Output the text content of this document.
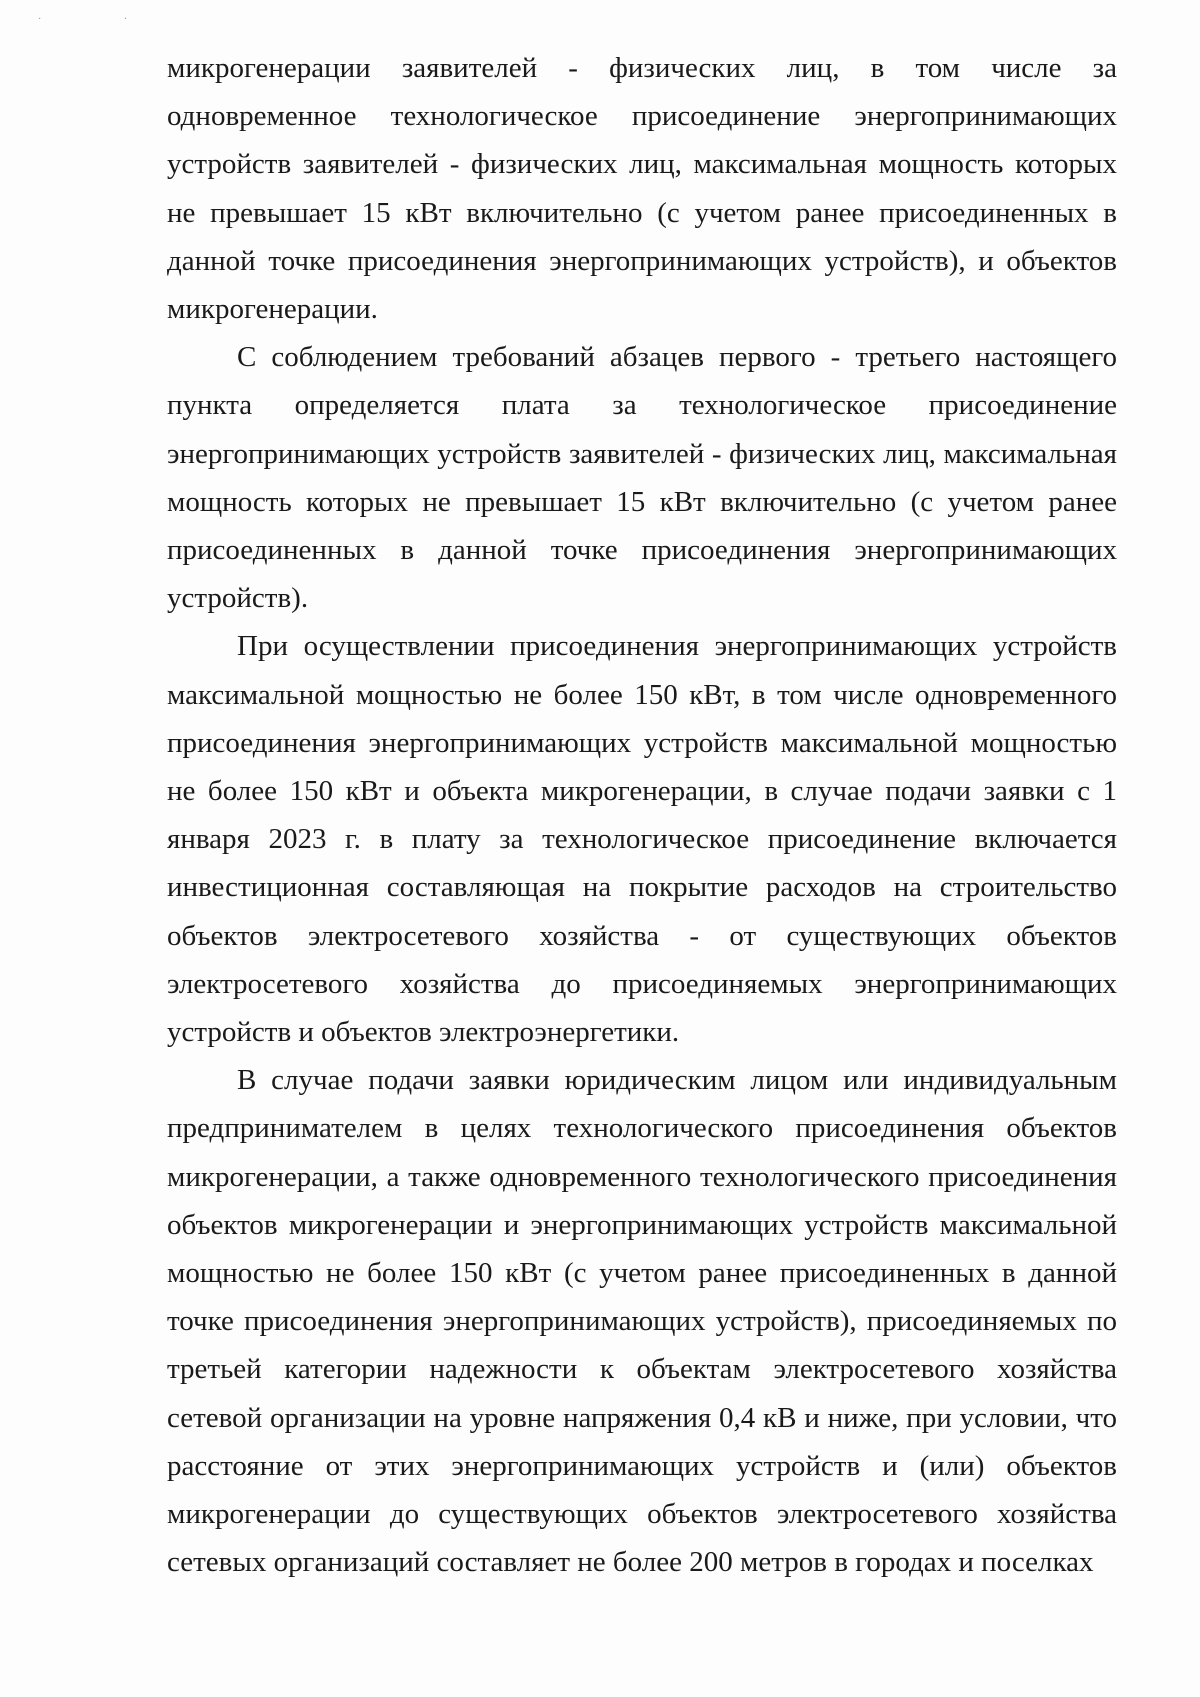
· ·

микрогенерации заявителей - физических лиц, в том числе за одновременное технологическое присоединение энергопринимающих устройств заявителей - физических лиц, максимальная мощность которых не превышает 15 кВт включительно (с учетом ранее присоединенных в данной точке присоединения энергопринимающих устройств), и объектов микрогенерации.

С соблюдением требований абзацев первого - третьего настоящего пункта определяется плата за технологическое присоединение энергопринимающих устройств заявителей - физических лиц, максимальная мощность которых не превышает 15 кВт включительно (с учетом ранее присоединенных в данной точке присоединения энергопринимающих устройств).

При осуществлении присоединения энергопринимающих устройств максимальной мощностью не более 150 кВт, в том числе одновременного присоединения энергопринимающих устройств максимальной мощностью не более 150 кВт и объекта микрогенерации, в случае подачи заявки с 1 января 2023 г. в плату за технологическое присоединение включается инвестиционная составляющая на покрытие расходов на строительство объектов электросетевого хозяйства - от существующих объектов электросетевого хозяйства до присоединяемых энергопринимающих устройств и объектов электроэнергетики.

В случае подачи заявки юридическим лицом или индивидуальным предпринимателем в целях технологического присоединения объектов микрогенерации, а также одновременного технологического присоединения объектов микрогенерации и энергопринимающих устройств максимальной мощностью не более 150 кВт (с учетом ранее присоединенных в данной точке присоединения энергопринимающих устройств), присоединяемых по третьей категории надежности к объектам электросетевого хозяйства сетевой организации на уровне напряжения 0,4 кВ и ниже, при условии, что расстояние от этих энергопринимающих устройств и (или) объектов микрогенерации до существующих объектов электросетевого хозяйства сетевых организаций составляет не более 200 метров в городах и поселках
